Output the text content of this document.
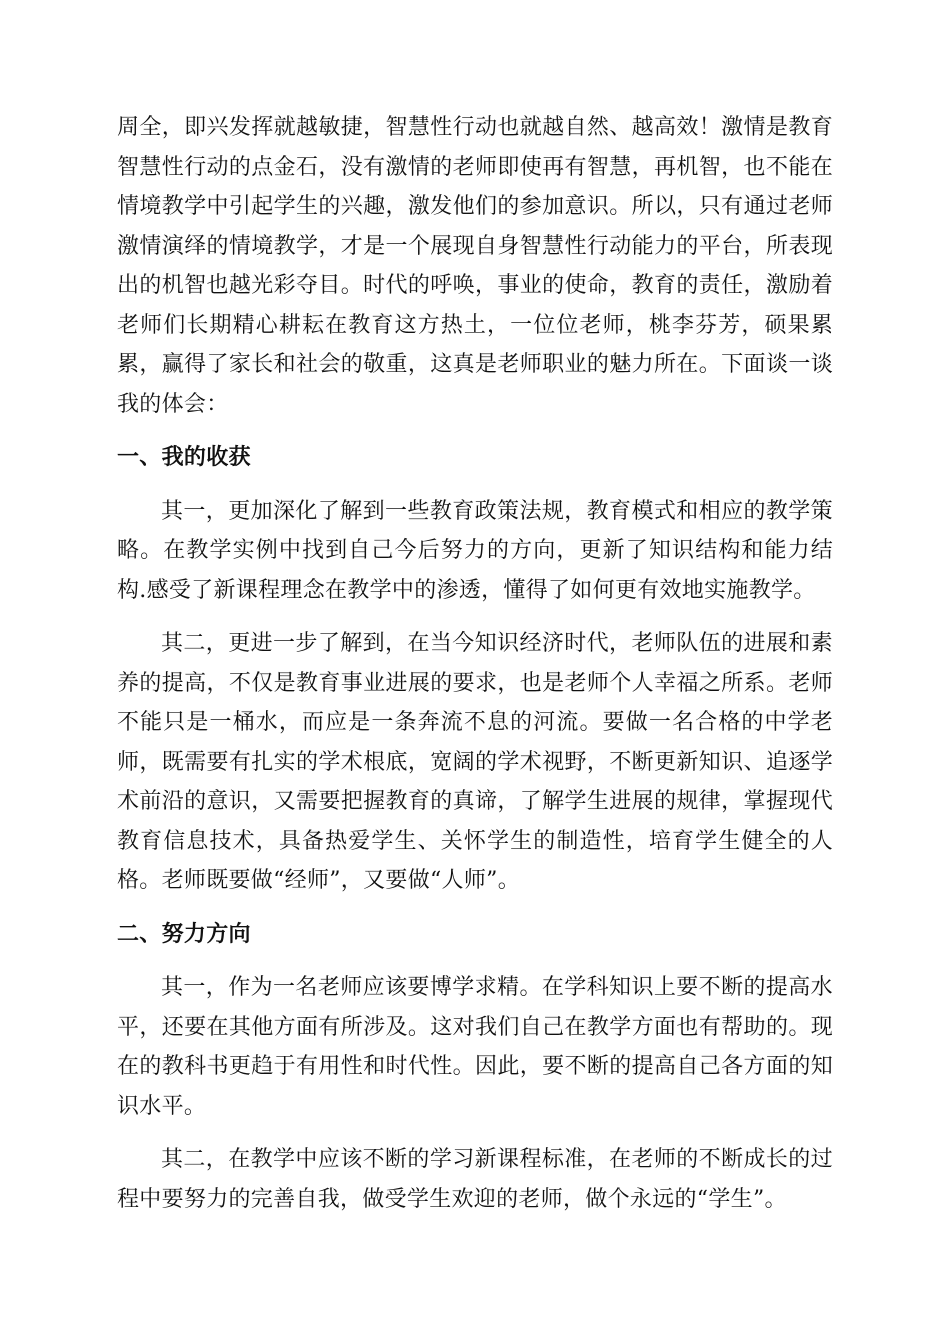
周全，即兴发挥就越敏捷，智慧性行动也就越自然、越高效！激情是教育智慧性行动的点金石，没有激情的老师即使再有智慧，再机智，也不能在情境教学中引起学生的兴趣，激发他们的参加意识。所以，只有通过老师激情演绎的情境教学，才是一个展现自身智慧性行动能力的平台，所表现出的机智也越光彩夺目。时代的呼唤，事业的使命，教育的责任，激励着老师们长期精心耕耘在教育这方热土，一位位老师，桃李芬芳，硕果累累，赢得了家长和社会的敬重，这真是老师职业的魅力所在。下面谈一谈我的体会：

一、我的收获

其一，更加深化了解到一些教育政策法规，教育模式和相应的教学策略。在教学实例中找到自己今后努力的方向，更新了知识结构和能力结构.感受了新课程理念在教学中的渗透，懂得了如何更有效地实施教学。

其二，更进一步了解到，在当今知识经济时代，老师队伍的进展和素养的提高，不仅是教育事业进展的要求，也是老师个人幸福之所系。老师不能只是一桶水，而应是一条奔流不息的河流。要做一名合格的中学老师，既需要有扎实的学术根底，宽阔的学术视野，不断更新知识、追逐学术前沿的意识，又需要把握教育的真谛，了解学生进展的规律，掌握现代教育信息技术，具备热爱学生、关怀学生的制造性，培育学生健全的人格。老师既要做“经师”，又要做“人师”。

二、努力方向

其一，作为一名老师应该要博学求精。在学科知识上要不断的提高水平，还要在其他方面有所涉及。这对我们自己在教学方面也有帮助的。现在的教科书更趋于有用性和时代性。因此，要不断的提高自己各方面的知识水平。

其二，在教学中应该不断的学习新课程标准，在老师的不断成长的过程中要努力的完善自我，做受学生欢迎的老师，做个永远的“学生”。
